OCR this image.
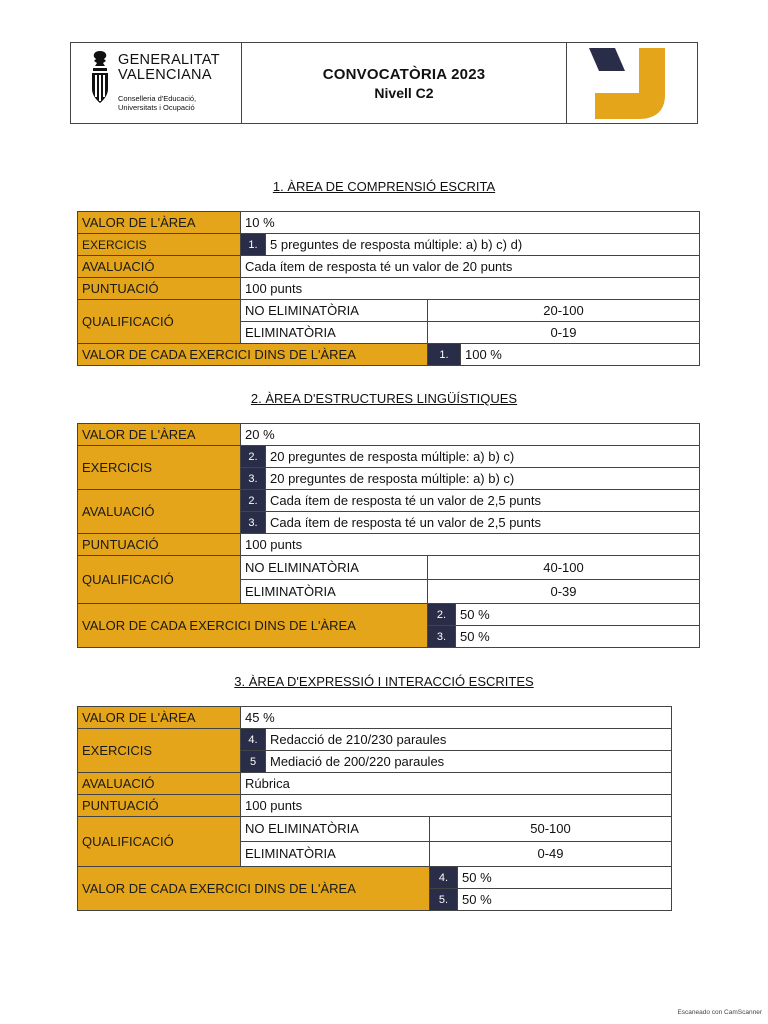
GENERALITAT
VALENCIANA
Conselleria d'Educació,
Universitats i Ocupació
CONVOCATÒRIA 2023
Nivell C2
1. ÀREA DE COMPRENSIÓ ESCRITA
VALOR DE L'ÀREA	10 %			
EXERCICIS	1.	5 preguntes de resposta múltiple: a) b) c) d)		
AVALUACIÓ	Cada ítem de resposta té un valor de 20 punts			
PUNTUACIÓ	100 punts			
QUALIFICACIÓ	NO ELIMINATÒRIA		20-100	
	ELIMINATÒRIA		0-19	
VALOR DE CADA EXERCICI DINS DE L'ÀREA			1.	100 %
2. ÀREA D'ESTRUCTURES LINGÜÍSTIQUES
VALOR DE L'ÀREA	20 %			
EXERCICIS	2.	20 preguntes de resposta múltiple: a) b) c)		
	3.	20 preguntes de resposta múltiple: a) b) c)		
AVALUACIÓ	2.	Cada ítem de resposta té un valor de 2,5 punts		
	3.	Cada ítem de resposta té un valor de 2,5 punts		
PUNTUACIÓ	100 punts			
QUALIFICACIÓ	NO ELIMINATÒRIA		40-100	
	ELIMINATÒRIA		0-39	
VALOR DE CADA EXERCICI DINS DE L'ÀREA			2.	50 %
			3.	50 %
3. ÀREA D'EXPRESSIÓ I INTERACCIÓ ESCRITES
VALOR DE L'ÀREA	45 %			
EXERCICIS	4.	Redacció de 210/230 paraules		
	5	Mediació de 200/220 paraules		
AVALUACIÓ	Rúbrica			
PUNTUACIÓ	100 punts			
QUALIFICACIÓ	NO ELIMINATÒRIA		50-100	
	ELIMINATÒRIA		0-49	
VALOR DE CADA EXERCICI DINS DE L'ÀREA			4.	50 %
			5.	50 %
Escaneado con CamScanner
